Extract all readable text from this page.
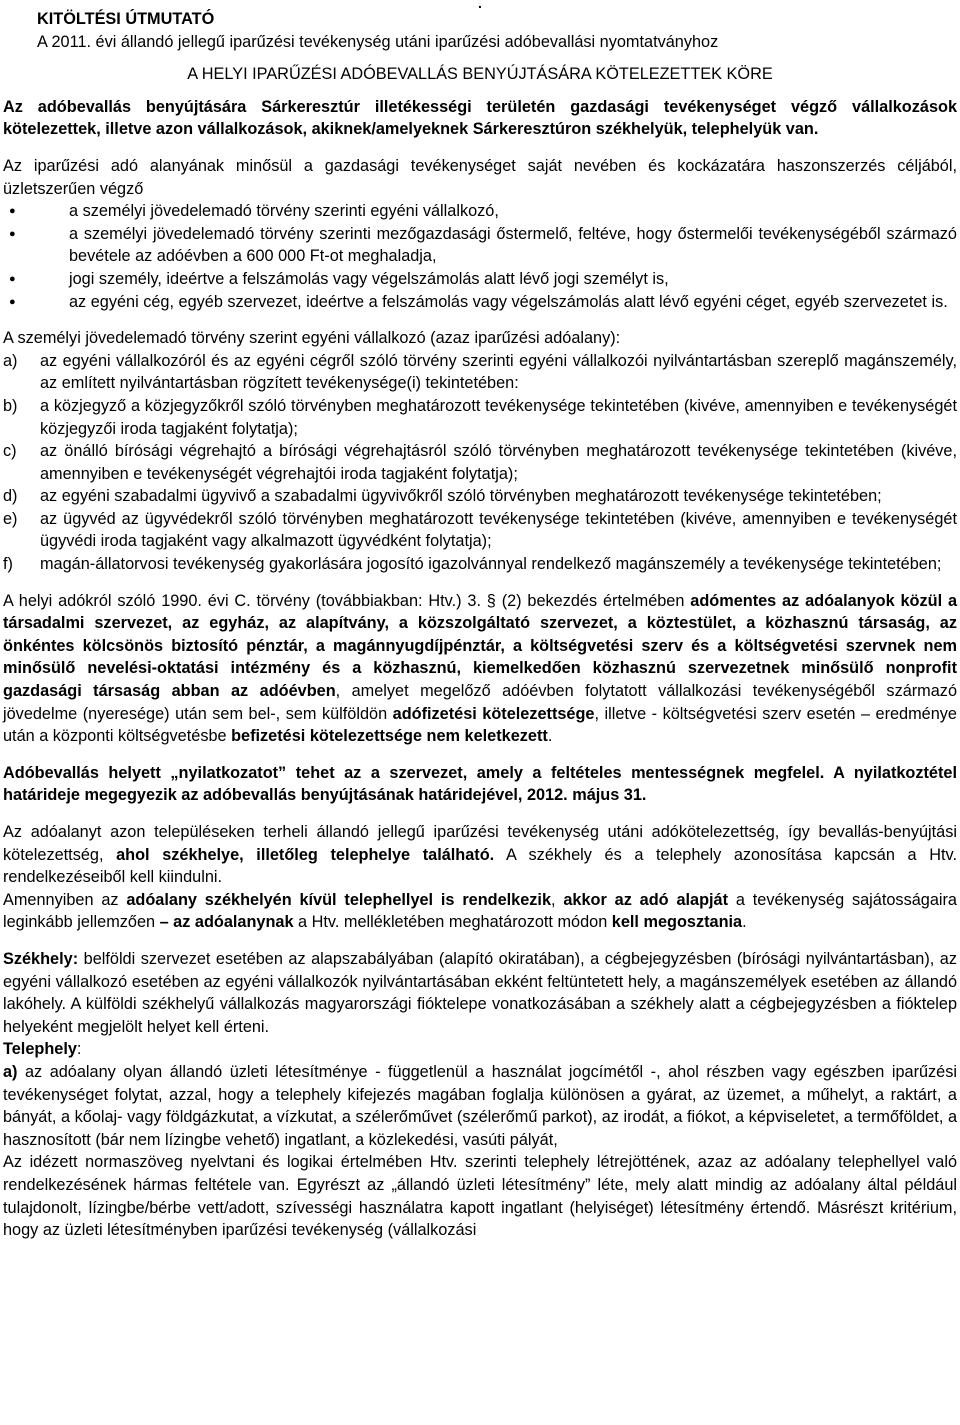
.

KITÖLTÉSI ÚTMUTATÓ

A 2011. évi állandó jellegű iparűzési tevékenység utáni iparűzési adóbevallási nyomtatványhoz

A HELYI IPARŰZÉSI ADÓBEVALLÁS BENYÚJTÁSÁRA KÖTELEZETTEK KÖRE

Az adóbevallás benyújtására Sárkeresztúr illetékességi területén gazdasági tevékenységet végző vállalkozások kötelezettek, illetve azon vállalkozások, akiknek/amelyeknek Sárkeresztúron székhelyük, telephelyük van.

Az iparűzési adó alanyának minősül a gazdasági tevékenységet saját nevében és kockázatára haszonszerzés céljából, üzletszerűen végző

●	a személyi jövedelemadó törvény szerinti egyéni vállalkozó,
●	a személyi jövedelemadó törvény szerinti mezőgazdasági őstermelő, feltéve, hogy őstermelői tevékenységéből származó bevétele az adóévben a 600 000 Ft-ot meghaladja,
●	jogi személy, ideértve a felszámolás vagy végelszámolás alatt lévő jogi személyt is,
●	az egyéni cég, egyéb szervezet, ideértve a felszámolás vagy végelszámolás alatt lévő egyéni céget, egyéb szervezetet is.

A személyi jövedelemadó törvény szerint egyéni vállalkozó (azaz iparűzési adóalany):

a) az egyéni vállalkozóról és az egyéni cégről szóló törvény szerinti egyéni vállalkozói nyilvántartásban szereplő magánszemély, az említett nyilvántartásban rögzített tevékenysége(i) tekintetében:
b) a közjegyző a közjegyzőkről szóló törvényben meghatározott tevékenysége tekintetében (kivéve, amennyiben e tevékenységét közjegyzői iroda tagjaként folytatja);
c) az önálló bírósági végrehajtó a bírósági végrehajtásról szóló törvényben meghatározott tevékenysége tekintetében (kivéve, amennyiben e tevékenységét végrehajtói iroda tagjaként folytatja);
d) az egyéni szabadalmi ügyvivő a szabadalmi ügyvivőkről szóló törvényben meghatározott tevékenysége tekintetében;
e) az ügyvéd az ügyvédekről szóló törvényben meghatározott tevékenysége tekintetében (kivéve, amennyiben e tevékenységét ügyvédi iroda tagjaként vagy alkalmazott ügyvédként folytatja);
f) magán-állatorvosi tevékenység gyakorlására jogosító igazolvánnyal rendelkező magánszemély a tevékenysége tekintetében;

A helyi adókról szóló 1990. évi C. törvény (továbbiakban: Htv.) 3. § (2) bekezdés értelmében adómentes az adóalanyok közül a társadalmi szervezet, az egyház, az alapítvány, a közszolgáltató szervezet, a köztestület, a közhasznú társaság, az önkéntes kölcsönös biztosító pénztár, a magánnyugdíjpénztár, a költségvetési szerv és a költségvetési szervnek nem minősülő nevelési-oktatási intézmény és a közhasznú, kiemelkedően közhasznú szervezetnek minősülő nonprofit gazdasági társaság abban az adóévben, amelyet megelőző adóévben folytatott vállalkozási tevékenységéből származó jövedelme (nyeresége) után sem bel-, sem külföldön adófizetési kötelezettsége, illetve - költségvetési szerv esetén – eredménye után a központi költségvetésbe befizetési kötelezettsége nem keletkezett.

Adóbevallás helyett „nyilatkozatot” tehet az a szervezet, amely a feltételes mentességnek megfelel. A nyilatkoztétel határideje megegyezik az adóbevallás benyújtásának határidejével, 2012. május 31.

Az adóalanyt azon településeken terheli állandó jellegű iparűzési tevékenység utáni adókötelezettség, így bevallás-benyújtási kötelezettség, ahol székhelye, illetőleg telephelye található. A székhely és a telephely azonosítása kapcsán a Htv. rendelkezéseiből kell kiindulni.

Amennyiben az adóalany székhelyén kívül telephellyel is rendelkezik, akkor az adó alapját a tevékenység sajátosságaira leginkább jellemzően – az adóalanynak a Htv. mellékletében meghatározott módon kell megosztania.

Székhely: belföldi szervezet esetében az alapszabályában (alapító okiratában), a cégbejegyzésben (bírósági nyilvántartásban), az egyéni vállalkozó esetében az egyéni vállalkozók nyilvántartásában ekként feltüntetett hely, a magánszemélyek esetében az állandó lakóhely. A külföldi székhelyű vállalkozás magyarországi fióktelepe vonatkozásában a székhely alatt a cégbejegyzésben a fióktelep helyeként megjelölt helyet kell érteni.

Telephely:

a) az adóalany olyan állandó üzleti létesítménye - függetlenül a használat jogcímétől -, ahol részben vagy egészben iparűzési tevékenységet folytat, azzal, hogy a telephely kifejezés magában foglalja különösen a gyárat, az üzemet, a műhelyt, a raktárt, a bányát, a kőolaj- vagy földgázkutat, a vízkutat, a szélerőművet (szélerőmű parkot), az irodát, a fiókot, a képviseletet, a termőföldet, a hasznosított (bár nem lízingbe vehető) ingatlant, a közlekedési, vasúti pályát,

Az idézett normaszöveg nyelvtani és logikai értelmében Htv. szerinti telephely létrejöttének, azaz az adóalany telephellyel való rendelkezésének hármas feltétele van. Egyrészt az „állandó üzleti létesítmény” léte, mely alatt mindig az adóalany által például tulajdonolt, lízingbe/bérbe vett/adott, szívességi használatra kapott ingatlant (helyiséget) létesítmény értendő. Másrészt kritérium, hogy az üzleti létesítményben iparűzési tevékenység (vállalkozási
